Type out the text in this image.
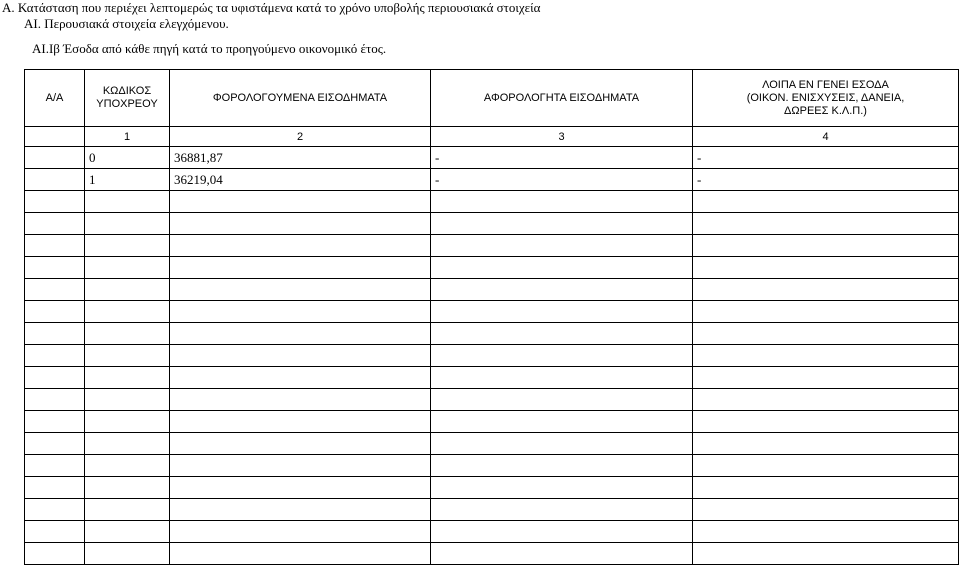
Α. Κατάσταση που περιέχει λεπτομερώς τα υφιστάμενα κατά το χρόνο υποβολής περιουσιακά στοιχεία
ΑΙ. Περουσιακά στοιχεία ελεγχόμενου.
ΑΙ.Ιβ Έσοδα από κάθε πηγή κατά το προηγούμενο οικονομικό έτος.
Α/Α	ΚΩΔΙΚΟΣ ΥΠΟΧΡΕΟΥ	ΦΟΡΟΛΟΓΟΥΜΕΝΑ ΕΙΣΟΔΗΜΑΤΑ	ΑΦΟΡΟΛΟΓΗΤΑ ΕΙΣΟΔΗΜΑΤΑ	ΛΟΙΠΑ ΕΝ ΓΕΝΕΙ ΕΣΟΔΑ
(ΟΙΚΟΝ. ΕΝΙΣΧΥΣΕΙΣ, ΔΑΝΕΙΑ,
ΔΩΡΕΕΣ Κ.Λ.Π.)

	1	2	3	4
	0	36881,87	-	-
	1	36219,04	-	-
